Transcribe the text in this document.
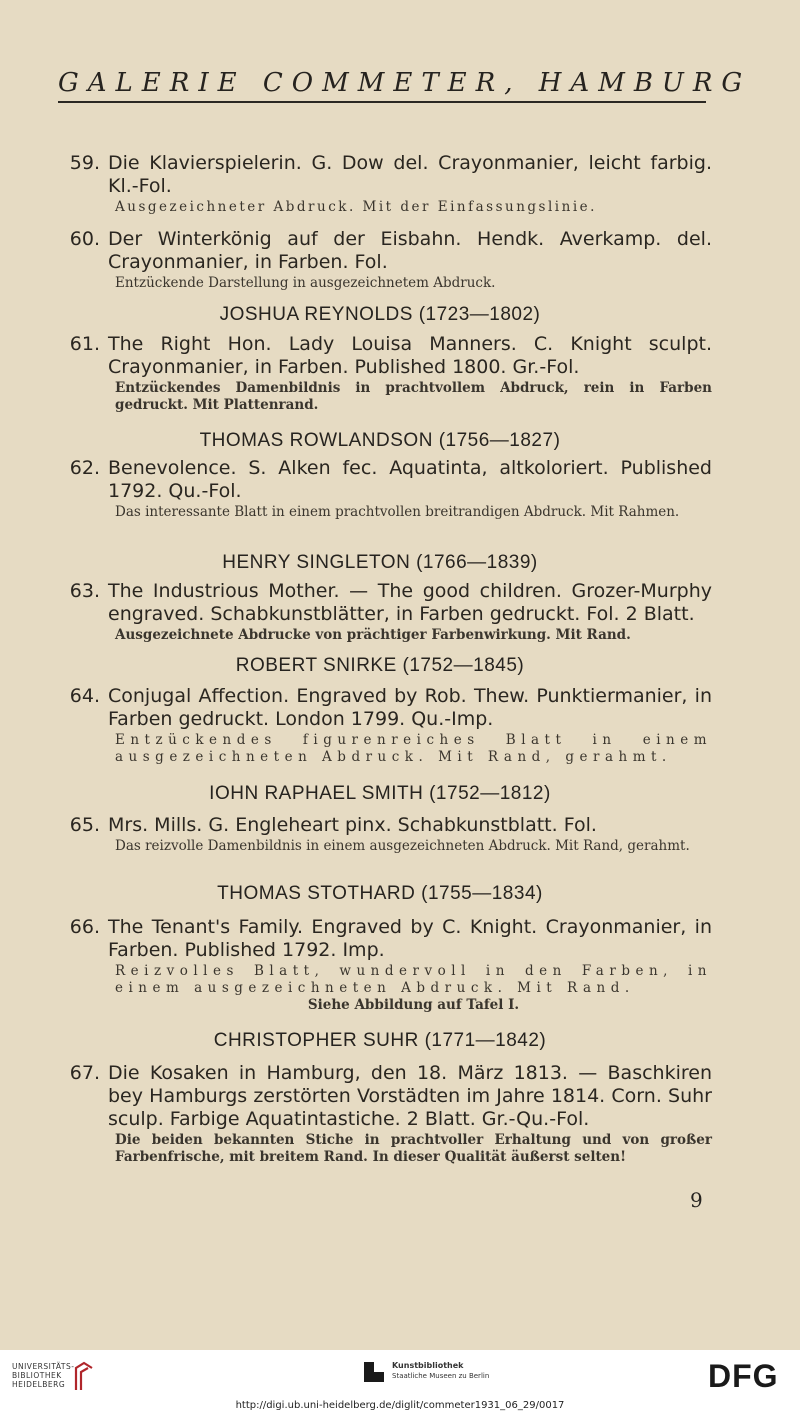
GALERIE COMMETER, HAMBURG
59. Die Klavierspielerin. G. Dow del. Crayonmanier, leicht farbig. Kl.-Fol.
Ausgezeichneter Abdruck. Mit der Einfassungslinie.
60. Der Winterkönig auf der Eisbahn. Hendk. Averkamp. del. Crayonmanier, in Farben. Fol.
Entzückende Darstellung in ausgezeichnetem Abdruck.
JOSHUA REYNOLDS (1723—1802)
61. The Right Hon. Lady Louisa Manners. C. Knight sculpt. Crayonmanier, in Farben. Published 1800. Gr.-Fol.
Entzückendes Damenbildnis in prachtvollem Abdruck, rein in Farben gedruckt. Mit Plattenrand.
THOMAS ROWLANDSON (1756—1827)
62. Benevolence. S. Alken fec. Aquatinta, altkoloriert. Published 1792. Qu.-Fol.
Das interessante Blatt in einem prachtvollen breitrandigen Abdruck. Mit Rahmen.
HENRY SINGLETON (1766—1839)
63. The Industrious Mother. — The good children. Grozer-Murphy engraved. Schabkunstblätter, in Farben gedruckt. Fol. 2 Blatt.
Ausgezeichnete Abdrucke von prächtiger Farbenwirkung. Mit Rand.
ROBERT SNIRKE (1752—1845)
64. Conjugal Affection. Engraved by Rob. Thew. Punktiermanier, in Farben gedruckt. London 1799. Qu.-Imp.
Entzückendes figurenreiches Blatt in einem ausgezeichneten Abdruck. Mit Rand, gerahmt.
IOHN RAPHAEL SMITH (1752—1812)
65. Mrs. Mills. G. Engleheart pinx. Schabkunstblatt. Fol.
Das reizvolle Damenbildnis in einem ausgezeichneten Abdruck. Mit Rand, gerahmt.
THOMAS STOTHARD (1755—1834)
66. The Tenant's Family. Engraved by C. Knight. Crayonmanier, in Farben. Published 1792. Imp.
Reizvolles Blatt, wundervoll in den Farben, in einem ausgezeichneten Abdruck. Mit Rand.
Siehe Abbildung auf Tafel I.
CHRISTOPHER SUHR (1771—1842)
67. Die Kosaken in Hamburg, den 18. März 1813. — Baschkiren bey Hamburgs zerstörten Vorstädten im Jahre 1814. Corn. Suhr sculp. Farbige Aquatintastiche. 2 Blatt. Gr.-Qu.-Fol.
Die beiden bekannten Stiche in prachtvoller Erhaltung und von großer Farbenfrische, mit breitem Rand. In dieser Qualität äußerst selten!
9
UNIVERSITÄTS-
BIBLIOTHEK
HEIDELBERG
Kunstbibliothek
Staatliche Museen zu Berlin	DFG
http://digi.ub.uni-heidelberg.de/diglit/commeter1931_06_29/0017
